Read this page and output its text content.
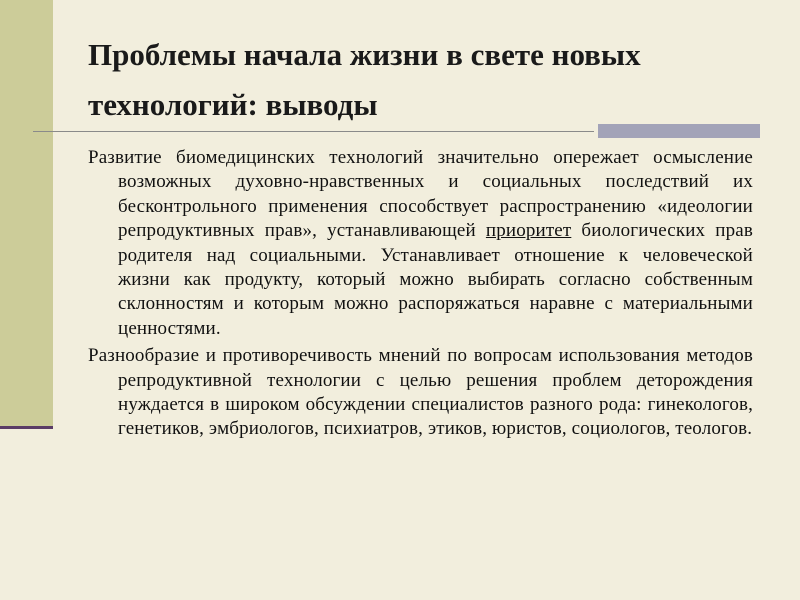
Проблемы начала жизни в свете новых
технологий: выводы

Развитие биомедицинских технологий значительно опережает осмысление возможных духовно-нравственных и социальных последствий их бесконтрольного применения способствует распространению «идеологии репродуктивных прав», устанавливающей приоритет биологических прав родителя над социальными. Устанавливает отношение к человеческой жизни как продукту, который можно выбирать согласно собственным склонностям и которым можно распоряжаться наравне с материальными ценностями.

Разнообразие и противоречивость мнений по вопросам использования методов репродуктивной технологии с целью решения проблем деторождения нуждается в широком обсуждении специалистов разного рода: гинекологов, генетиков, эмбриологов, психиатров, этиков, юристов, социологов, теологов.
